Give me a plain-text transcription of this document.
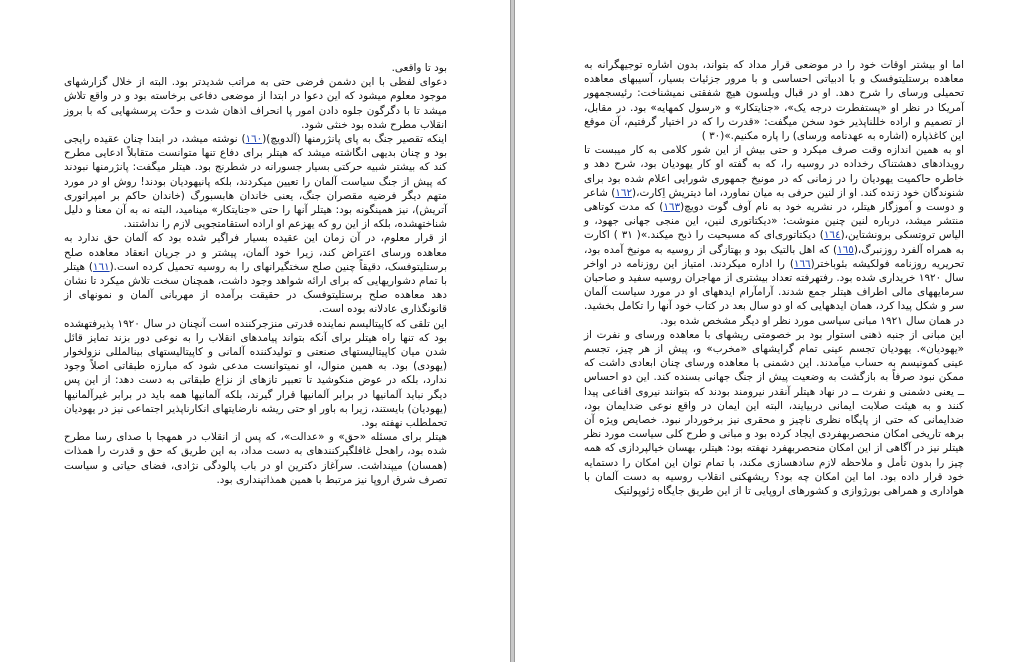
بود تا واقعی.

دعوای لفظی با این دشمن فرضی حتی به مراتب شدیدتر بود. البته از خلال گزارشهای موجود معلوم میشود که این دعوا در ابتدا از موضعی دفاعی برخاسته بود و در واقع تلاش میشد تا با دگرگون جلوه دادن امور پا انحراف اذهان شدت و حدّت پرسشهایی که با بروز انقلاب مطرح شده بود خنثی شود.

اینکه تقصیر جنگ به پای پانژرمنها (آلدویچ)(١٦٠) نوشته میشد، در ابتدا چنان عقیده رایجی بود و چنان بدیهی انگاشته میشد که هیتلر برای دفاع تنها متوانست متقابلاً ادعایی مطرح کند که بیشتر شبیه حرکتی بسیار جسورانه در شطرنج بود. هیتلر میگفت: پانژرمنها نبودند که پیش از جنگ سیاست آلمان را تعیین میکردند، بلکه پانیهودیان بودند! روش او در مورد متهم دیگر فرضیه مقصران جنگ، یعنی خاندان هابسبورگ (خاندان حاکم بر امپراتوری آتریش)، نیز همینگونه بود: هیتلر آنها را حتی «جنایتکار» مینامید، البته نه به آن معنا و دلیل شناختهشده، بلکه از این رو که یهزعم او اراده استقامتجویی لازم را نداشتند.

از قرار معلوم، در آن زمان این عقیده بسیار فراگیر شده بود که آلمان حق ندارد به معاهده ورسای اعتراض کند، زیرا خود آلمان، پیشتر و در جریان انعقاد معاهده صلح برستلیتوفسک، دقیقاً چنین صلح سختگیرانهای را به روسیه تحمیل کرده است.(١٦١) هیتلر با تمام دشواریهایی که برای ارائه شواهد وجود داشت، همچنان سخت تلاش میکرد تا نشان دهد معاهده صلح برستلیتوفسک در حقیقت برآمده از مهربانی آلمان و نمونهای از قانونگذاری عادلانه بوده است.

این تلقی که کاپیتالیسم نماینده قدرتی منزجرکننده است آنچنان در سال ١٩٢٠ پذیرفتهشده بود که تنها راه هیتلر برای آنکه بتواند پیامدهای انقلاب را به نوعی دور بزند تمایز قائل شدن میان کاپیتالیستهای صنعتی و تولیدکننده آلمانی و کاپیتالیستهای بینالمللی نزولخوار (یهودی) بود. به همین منوال، او نمیتوانست مدعی شود که مبارزه طبقاتی اصلاً وجود ندارد، بلکه در عوض منکوشید تا تعبیر تازهای از نزاع طبقاتی به دست دهد: از این پس دیگر نباید آلمانیها در برابر آلمانیها قرار گیرند، بلکه آلمانیها همه باید در برابر غیرآلمانیها (یهودیان) بایستند، زیرا به باور او حتی ریشه نارضایتهای انکارناپذیر اجتماعی نیز در یهودیان تحملطلب نهفته بود.

هیتلر برای مسئله «حق» و «عدالت»، که پس از انقلاب در همهجا با صدای رسا مطرح شده بود، راهحل غافلگیرکنندهای به دست مداد، به این طریق که حق و قدرت را همذات (همسان) میپنداشت. سرآغاز دکترین او در باب پالودگی نژادی، فضای حیاتی و سیاست تصرف شرق اروپا نیز مرتبط با همین همذاتپنداری بود.

اما او بیشتر اوقات خود را در موضعی قرار مداد که بتواند، بدون اشاره توجیهگرانه به معاهده برستلیتوفسک و با ادبیاتی احساسی و با مرور جزئیات بسیار، آسیبهای معاهده تحمیلی ورسای را شرح دهد. او در قبال ویلسون هیچ شفقتی نمیشناخت: رئیسجمهور آمریکا در نظر او «پستفطرت درجه یک»، «جنایتکار» و «رسول کمهایه» بود. در مقابل، از تصمیم و اراده خللناپذیر خود سخن میگفت: «قدرت را که در اختیار گرفتیم، آن موقع این کاغذپاره (اشاره به عهدنامه ورسای) را پاره مکنیم.»(٣٠ )

او به همین اندازه وقت صرف میکرد و حتی بیش از این شور کلامی به کار میبست تا رویدادهای دهشتناک رخداده در روسیه را، که به گفته او کار یهودیان بود، شرح دهد و خاطره حاکمیت یهودیان را در زمانی که در مونیخ جمهوری شورایی اعلام شده بود برای شنوندگان خود زنده کند. او از لنین حرفی به میان نماورد، اما دیتریش اِکارت،(١٦٢) شاعر و دوست و آموزگار هیتلر، در نشریه خود به نام آوف گوت دویچ(١٦٣) که مدت کوتاهی منتشر میشد، درباره لنین چنین منوشت: «دیکتاتوری لنین، این منجی جهانی جهود، و الیاس تروتسکی برونشتاین،(١٦٤) دیکتاتوری‌ای که مسیحیت را ذبح میکند.»( ٣١ ) اکارت به همراه آلفرد روزنبرگ،(١٦٥) که اهل بالتیک بود و بهتازگی از روسیه به مونیخ آمده بود، تحریریه روزنامه فولکیشه بئوباختر(١٦٦) را اداره میکردند. امتیاز این روزنامه در اواخر سال ١٩٢٠ خریداری شده بود. رفتهرفته تعداد بیشتری از مهاجران روسیه سفید و صاحبان سرمایههای مالی اطراف هیتلر جمع شدند. آرامآرام ایدههای او در مورد سیاست آلمان سر و شکل پیدا کرد، همان ایدههایی که او دو سال بعد در کتاب خود آنها را تکامل بخشید. در همان سال ١٩٢١ مبانی سیاسی مورد نظر او دیگر مشخص شده بود.

این مبانی از جنبه ذهنی استوار بود بر خصومتی ریشهای با معاهده ورسای و نفرت از «یهودیان». یهودیان تجسم عینی تمام گرایشهای «مخرب» و، پیش از هر چیز، تجسم عینی کمونیسم به حساب میآمدند. این دشمنی با معاهده ورسای چنان ابعادی داشت که ممکن نبود صرفاً به بازگشت به وضعیت پیش از جنگ جهانی بسنده کند. این دو احساس ــ یعنی دشمنی و نفرت ــ در نهاد هیتلر آنقدر نیرومند بودند که بتوانند نیروی اقناعی پیدا کنند و به هیئت صلابت ایمانی دربیایند، البته این ایمان در واقع نوعی ضدایمان بود، ضدایمانی که حتی از پایگاه نظری ناچیز و محقری نیز برخوردار نبود. خصایص ویژه آن برهه تاریخی امکان منحصربهفردی ایجاد کرده بود و مبانی و طرح کلی سیاست مورد نظر هیتلر نیز در آگاهی از این امکان منحصربهفرد نهفته بود: هیتلر، بهسان خیالپردازی که همه چیز را بدون تأمل و ملاحظه لازم سادهسازی مکند، با تمام توان این امکان را دستمایه خود قرار داده بود. اما این امکان چه بود؟ ریشهکنی انقلاب روسیه به دست آلمان با هواداری و همراهی بورژوازی و کشورهای اروپایی تا از این طریق جایگاه ژئوپولتیک
